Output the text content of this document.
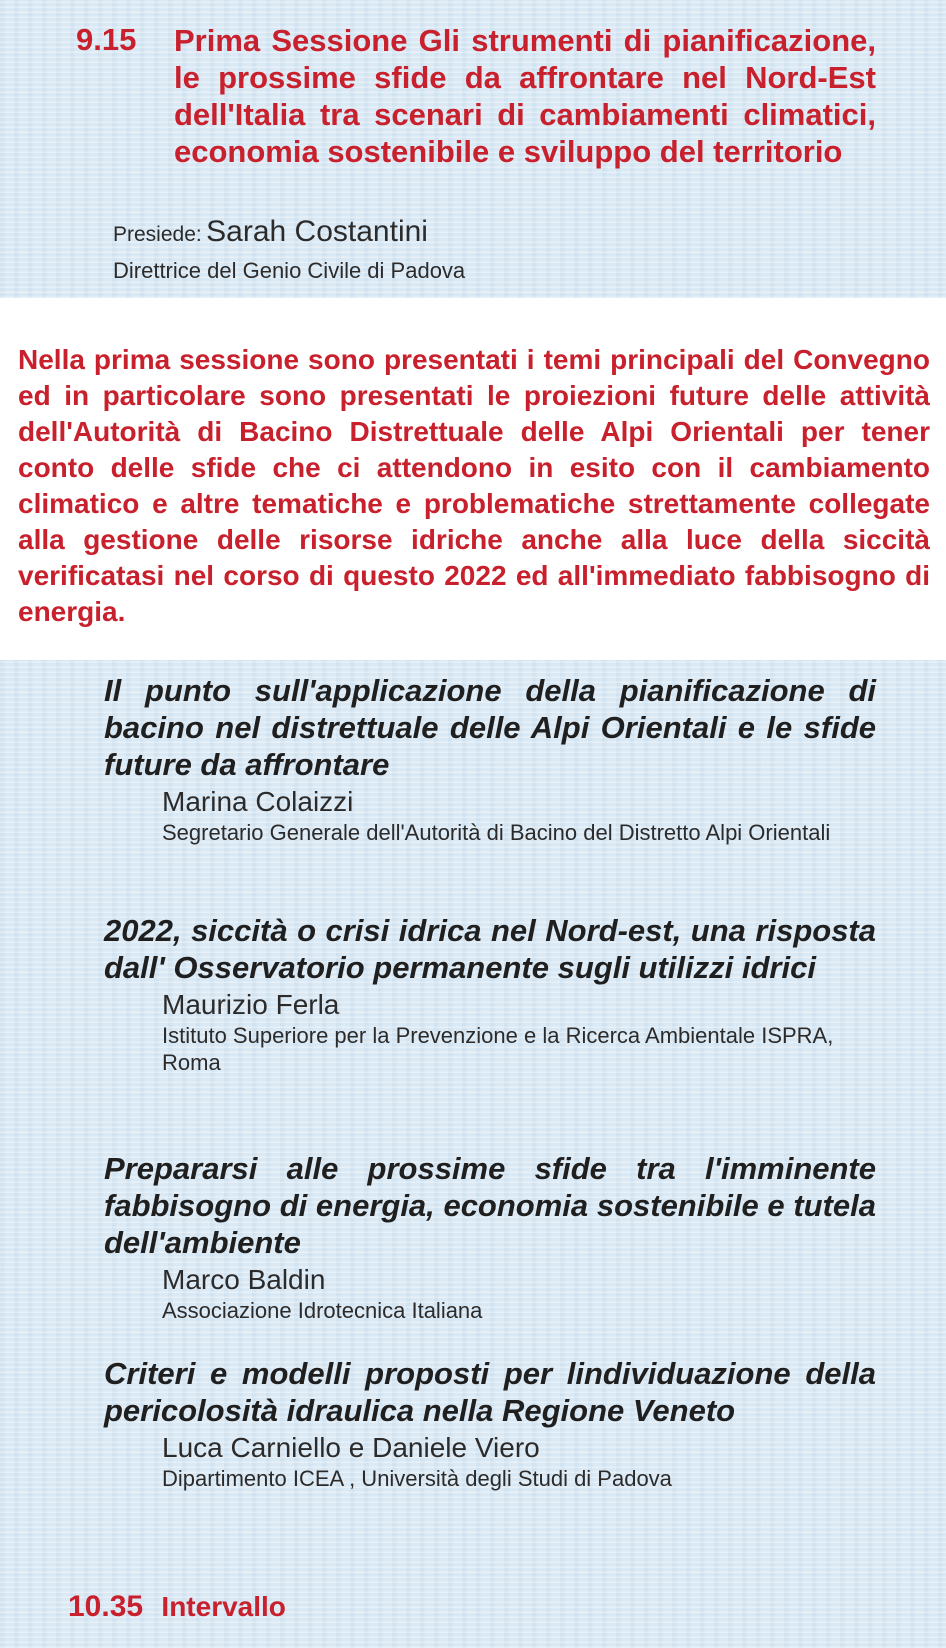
9.15 Prima Sessione Gli strumenti di pianificazione, le prossime sfide da affrontare nel Nord-Est dell'Italia tra scenari di cambiamenti climatici, economia sostenibile e sviluppo del territorio
Presiede: Sarah Costantini
Direttrice del Genio Civile di Padova
Nella prima sessione sono presentati i temi principali del Convegno ed in particolare sono presentati le proiezioni future delle attività dell'Autorità di Bacino Distrettuale delle Alpi Orientali per tener conto delle sfide che ci attendono in esito con il cambiamento climatico e altre tematiche e problematiche strettamente collegate alla gestione delle risorse idriche anche alla luce della siccità verificatasi nel corso di questo 2022 ed all'immediato fabbisogno di energia.
Il punto sull'applicazione della pianificazione di bacino nel distrettuale delle Alpi Orientali e le sfide future da affrontare
Marina Colaizzi
Segretario Generale dell'Autorità di Bacino del Distretto Alpi Orientali
2022, siccità o crisi idrica nel Nord-est, una risposta dall' Osservatorio permanente sugli utilizzi idrici
Maurizio Ferla
Istituto Superiore per la Prevenzione e la Ricerca Ambientale ISPRA, Roma
Prepararsi alle prossime sfide tra l'imminente fabbisogno di energia, economia sostenibile e tutela dell'ambiente
Marco Baldin
Associazione Idrotecnica Italiana
Criteri e modelli proposti per lindividuazione della pericolosità idraulica nella Regione Veneto
Luca Carniello e Daniele Viero
Dipartimento ICEA , Università degli Studi di Padova
10.35 Intervallo
